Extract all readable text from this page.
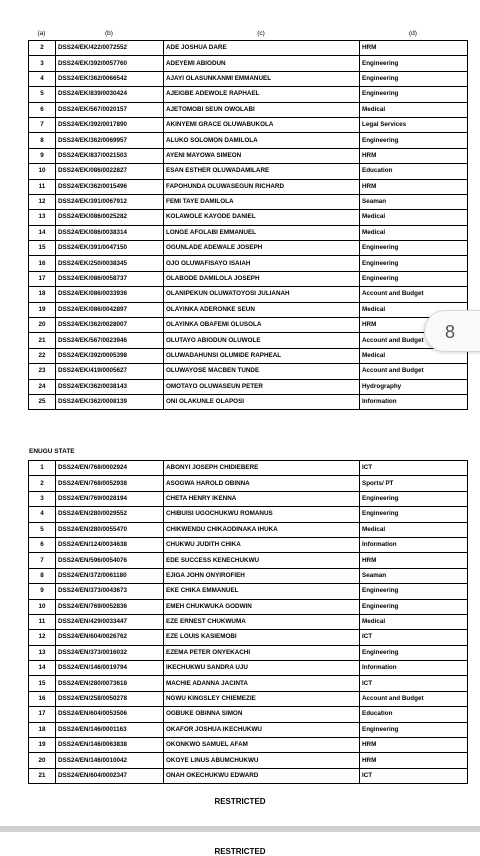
(a)	(b)	(c)	(d)
2	DSS24/EK/422/0072552	ADE JOSHUA DARE	HRM
3	DSS24/EK/392/0057760	ADEYEMI ABIODUN	Engineering
4	DSS24/EK/362/0066542	AJAYI OLASUNKANMI EMMANUEL	Engineering
5	DSS24/EK/839/0030424	AJEIGBE ADEWOLE RAPHAEL	Engineering
6	DSS24/EK/567/0020157	AJETOMOBI SEUN OWOLABI	Medical
7	DSS24/EK/392/0017890	AKINYEMI GRACE OLUWABUKOLA	Legal Services
8	DSS24/EK/362/0069957	ALUKO SOLOMON DAMILOLA	Engineering
9	DSS24/EK/837/0021503	AYENI MAYOWA SIMEON	HRM
10	DSS24/EK/086/0022827	ESAN ESTHER OLUWADAMILARE	Education
11	DSS24/EK/362/0015496	FAPOHUNDA OLUWASEGUN RICHARD	HRM
12	DSS24/EK/391/0067912	FEMI TAYE DAMILOLA	Seaman
13	DSS24/EK/086/0025282	KOLAWOLE KAYODE DANIEL	Medical
14	DSS24/EK/086/0038314	LONGE AFOLABI EMMANUEL	Medical
15	DSS24/EK/391/0047150	OGUNLADE ADEWALE JOSEPH	Engineering
16	DSS24/EK/250/0038345	OJO OLUWAFISAYO ISAIAH	Engineering
17	DSS24/EK/086/0058737	OLABODE DAMILOLA JOSEPH	Engineering
18	DSS24/EK/086/0033936	OLANIPEKUN OLUWATOYOSI JULIANAH	Account and Budget
19	DSS24/EK/086/0042897	OLAYINKA ADERONKE SEUN	Medical
20	DSS24/EK/362/0028007	OLAYINKA OBAFEMI OLUSOLA	HRM
21	DSS24/EK/567/0023946	OLUTAYO ABIODUN OLUWOLE	Account and Budget
22	DSS24/EK/392/0005398	OLUWADAHUNSI OLUMIDE RAPHEAL	Medical
23	DSS24/EK/419/0005627	OLUWAYOSE MACBEN TUNDE	Account and Budget
24	DSS24/EK/362/0038143	OMOTAYO OLUWASEUN PETER	Hydrography
25	DSS24/EK/362/0008139	ONI OLAKUNLE OLAPOSI	Information
ENUGU STATE
1	DSS24/EN/768/0002924	ABONYI JOSEPH CHIDIEBERE	ICT
2	DSS24/EN/768/0052938	ASOGWA HAROLD OBINNA	Sports/ PT
3	DSS24/EN/769/0028194	CHETA HENRY IKENNA	Engineering
4	DSS24/EN/280/0029552	CHIBUISI UGOCHUKWU ROMANUS	Engineering
5	DSS24/EN/280/0055470	CHIKWENDU CHIKAODINAKA IHUKA	Medical
6	DSS24/EN/124/0034638	CHUKWU JUDITH CHIKA	Information
7	DSS24/EN/596/0054076	EDE SUCCESS KENECHUKWU	HRM
8	DSS24/EN/372/0061180	EJIGA JOHN ONYIROFIEH	Seaman
9	DSS24/EN/373/0043673	EKE CHIKA EMMANUEL	Engineering
10	DSS24/EN/769/0052836	EMEH CHUKWUKA GODWIN	Engineering
11	DSS24/EN/429/0033447	EZE ERNEST CHUKWUMA	Medical
12	DSS24/EN/604/0026762	EZE LOUIS KASIEMOBI	ICT
13	DSS24/EN/373/0016032	EZEMA PETER ONYEKACHI	Engineering
14	DSS24/EN/146/0019794	IKECHUKWU SANDRA UJU	Information
15	DSS24/EN/280/0073618	MACHIE ADANNA JACINTA	ICT
16	DSS24/EN/258/0050278	NGWU KINGSLEY CHIEMEZIE	Account and Budget
17	DSS24/EN/604/0053506	OGBUKE OBINNA SIMON	Education
18	DSS24/EN/146/0001163	OKAFOR JOSHUA IKECHUKWU	Engineering
19	DSS24/EN/146/0063838	OKONKWO SAMUEL AFAM	HRM
20	DSS24/EN/146/0010042	OKOYE LINUS ABUMCHUKWU	HRM
21	DSS24/EN/604/0002347	ONAH OKECHUKWU EDWARD	ICT
RESTRICTED
RESTRICTED
8
